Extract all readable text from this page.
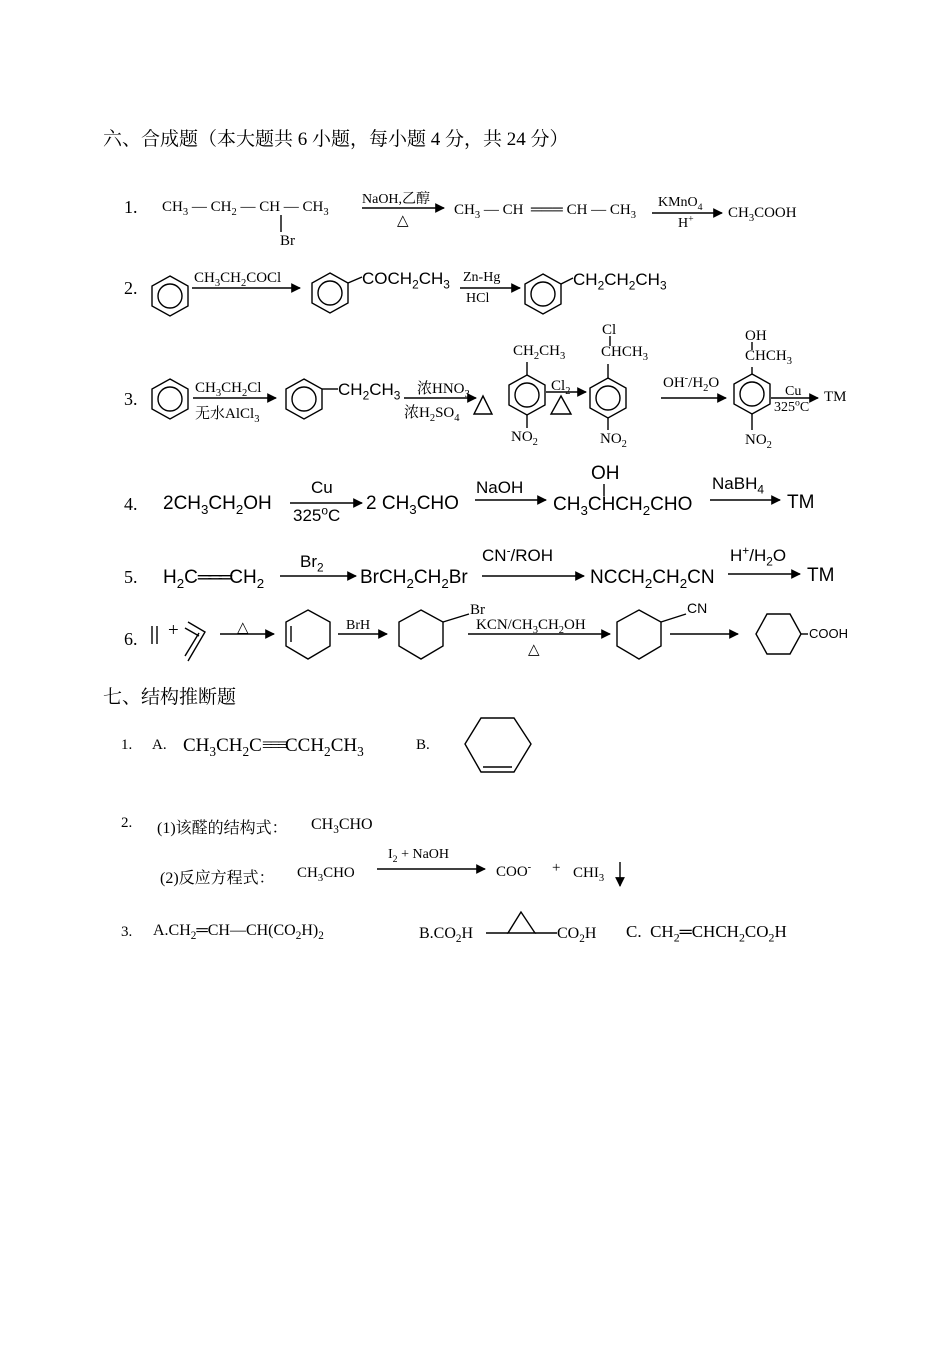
六、合成题（本大题共 6 小题，每小题 4 分，共 24 分）
1. $CH_3$ — $CH_2$ — CH — $CH_3$
Br
NaOH,乙醇
△
$CH_3$ — CH  ═══ CH — $CH_3$
KMnO$_4$
H+ $CH_3COOH$
2.	$CH_3CH_2COCl$	$COCH_2CH_3$ Zn-Hg
HCl
$CH_2CH_2CH_3$
3.
$CH_3CH_2Cl$
无水AlCl$_3$
$CH_2CH_3$ 浓$HNO_3$
浓$H_2SO_4$
$CH_2CH_3$
$NO_2$
$Cl_2$
Cl
$CHCH_3$
$NO_2$
$OH^-/H_2O$
OH
$CHCH_3$
$NO_2$
Cu
325$^o$C
TM
4. $2CH_3CH_2OH$
Cu
325$^o$C
2 $CH_3CHO$
NaOH
OH
$CH_3CHCH_2CHO$
NaBH$_4$
TM
5. $H_2C═══CH_2$
$Br_2$ $BrCH_2CH_2Br$
CN-/ROH
$NCCH_2CH_2CN$
$H^+/H_2O$
TM
6. +	△	BrH
Br
KCN/$CH_3CH_2OH$
△
CN
COOH
七、结构推断题
1. A. $CH_3CH_2C\equiv\equiv\equiv CCH_2CH_3$	B.
2. (1)该醛的结构式： $CH_3CHO$
(2)反应方程式： $CH_3CHO$
$I_2$ + NaOH
$COO^- + CHI_3$
3. $A.CH_2═CH—CH(CO_2H)_2$	$B.CO_2H$	$CO_2H$ C.  $CH_2═CHCH_2CO_2H$
